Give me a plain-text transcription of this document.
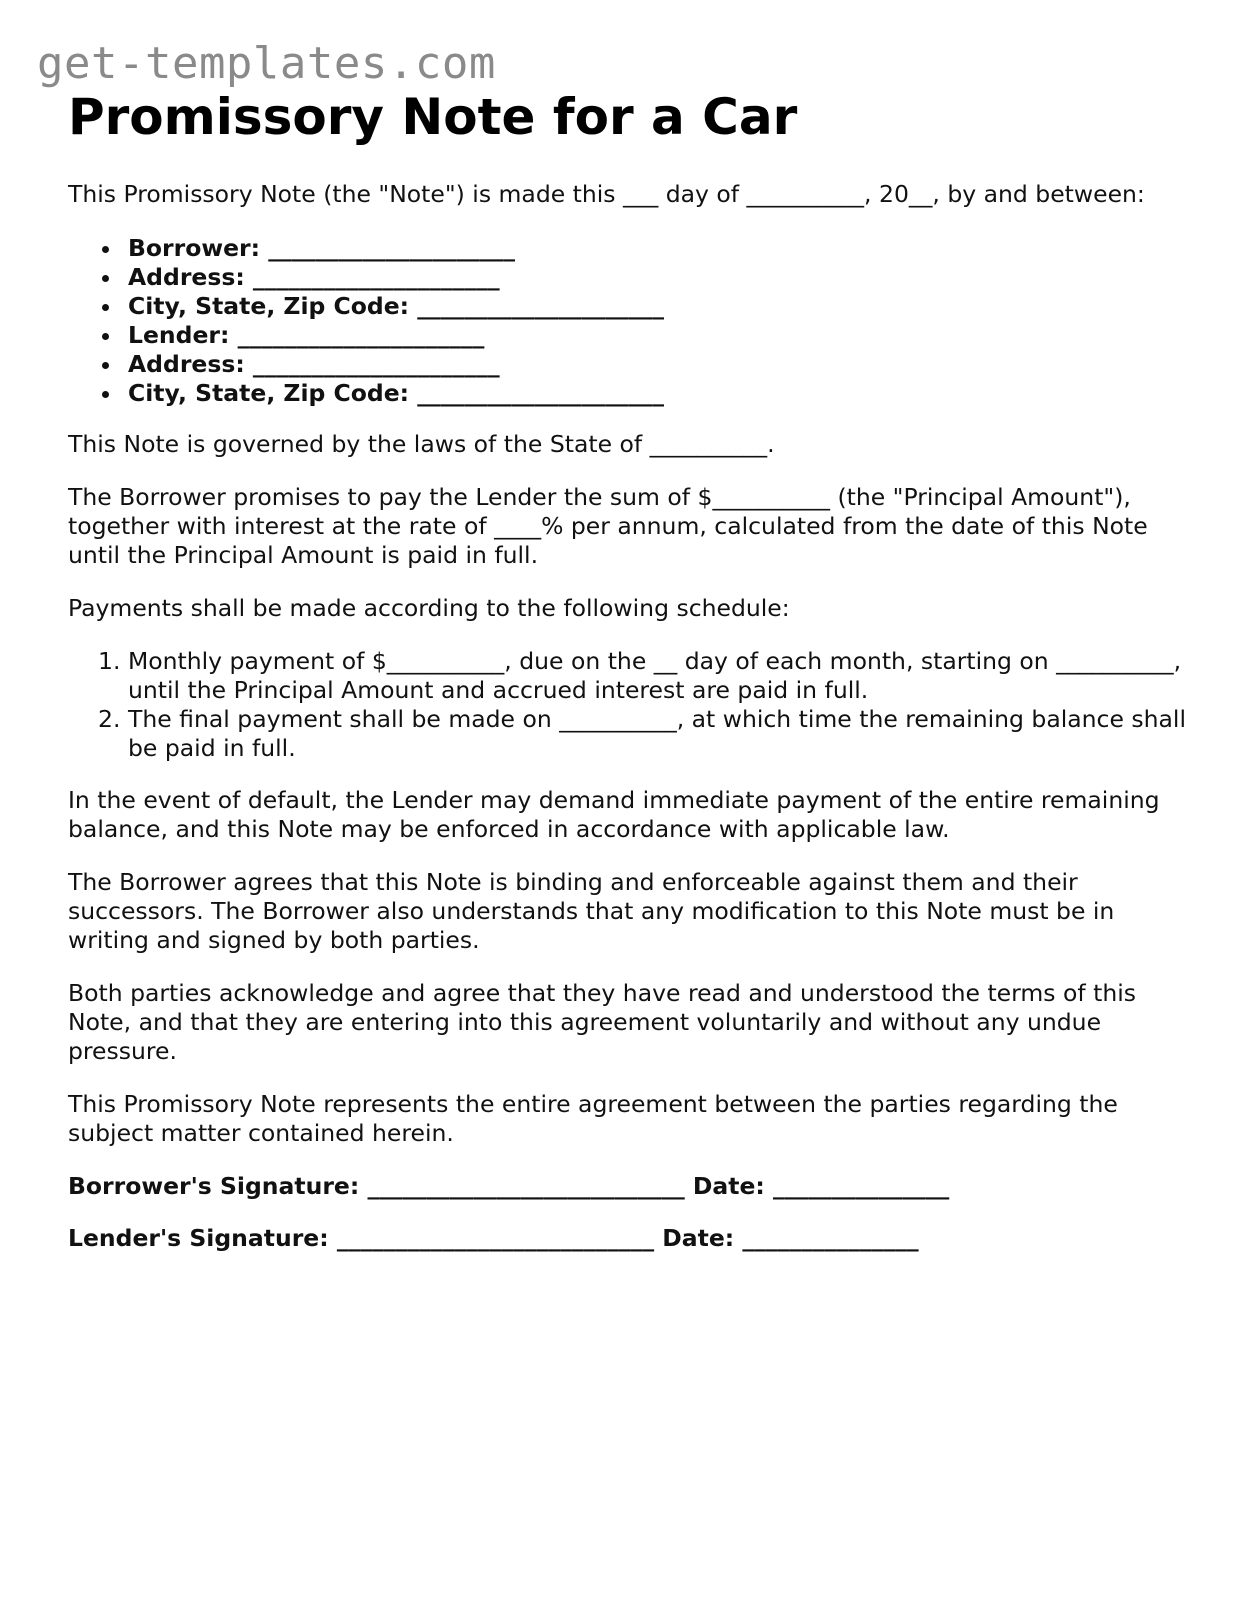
get-templates.com
Promissory Note for a Car

This Promissory Note (the "Note") is made this ___ day of __________, 20__, by and between:

Borrower: _____________________
Address: _____________________
City, State, Zip Code: _____________________
Lender: _____________________
Address: _____________________
City, State, Zip Code: _____________________

This Note is governed by the laws of the State of __________.

The Borrower promises to pay the Lender the sum of $__________ (the "Principal Amount"), together with interest at the rate of ____% per annum, calculated from the date of this Note until the Principal Amount is paid in full.

Payments shall be made according to the following schedule:

1. Monthly payment of $__________, due on the __ day of each month, starting on __________, until the Principal Amount and accrued interest are paid in full.
2. The final payment shall be made on __________, at which time the remaining balance shall be paid in full.

In the event of default, the Lender may demand immediate payment of the entire remaining balance, and this Note may be enforced in accordance with applicable law.

The Borrower agrees that this Note is binding and enforceable against them and their successors. The Borrower also understands that any modification to this Note must be in writing and signed by both parties.

Both parties acknowledge and agree that they have read and understood the terms of this Note, and that they are entering into this agreement voluntarily and without any undue pressure.

This Promissory Note represents the entire agreement between the parties regarding the subject matter contained herein.

Borrower's Signature: ___________________________ Date: _______________
Lender's Signature: ___________________________ Date: _______________
